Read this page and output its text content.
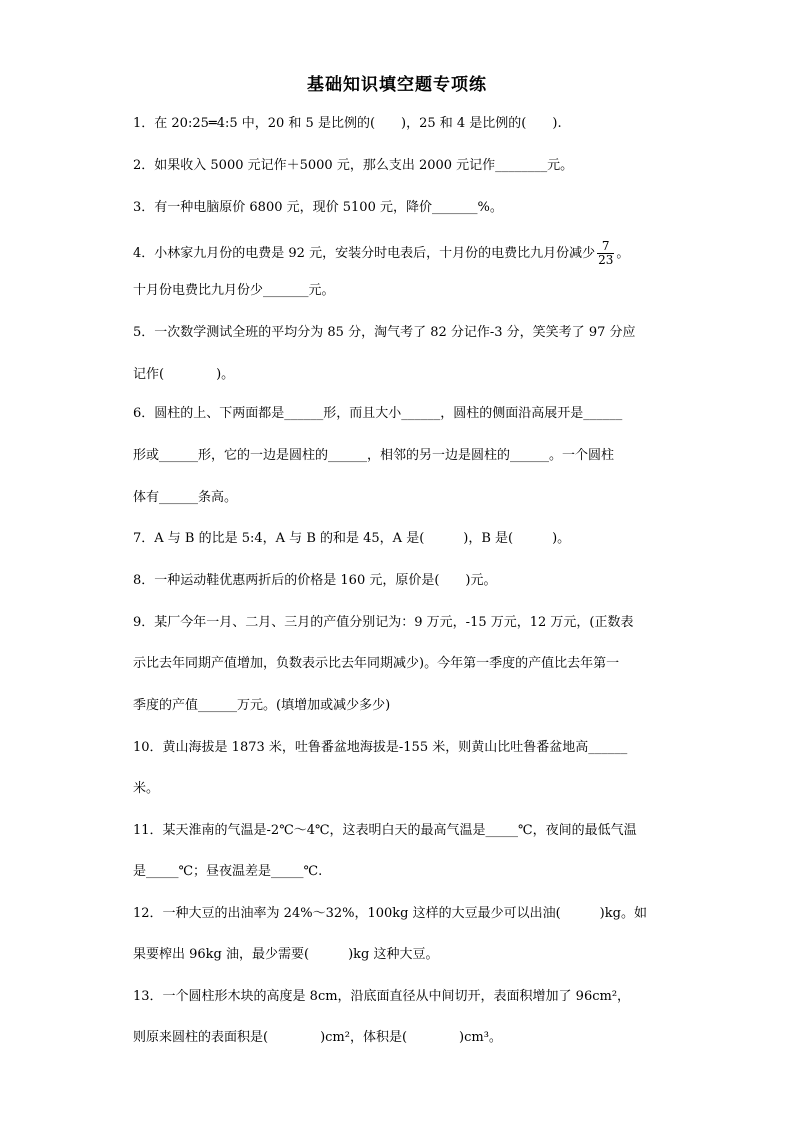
基础知识填空题专项练
1．在 20:25═4:5 中，20 和 5 是比例的(　　)，25 和 4 是比例的(　　).
2．如果收入 5000 元记作＋5000 元，那么支出 2000 元记作________元。
3．有一种电脑原价 6800 元，现价 5100 元，降价_______%。
4．小林家九月份的电费是 92 元，安装分时电表后，十月份的电费比九月份减少 $\frac{7}{23}$ 。
十月份电费比九月份少_______元。
5．一次数学测试全班的平均分为 85 分，淘气考了 82 分记作-3 分，笑笑考了 97 分应
记作(　　　　)。
6．圆柱的上、下两面都是______形，而且大小______，圆柱的侧面沿高展开是______
形或______形，它的一边是圆柱的______，相邻的另一边是圆柱的______。一个圆柱
体有______条高。
7．A 与 B 的比是 5:4，A 与 B 的和是 45，A 是(　　　)，B 是(　　　)。
8．一种运动鞋优惠两折后的价格是 160 元，原价是(　　)元。
9．某厂今年一月、二月、三月的产值分别记为：9 万元，-15 万元，12 万元，(正数表
示比去年同期产值增加，负数表示比去年同期减少)。今年第一季度的产值比去年第一
季度的产值______万元。(填增加或减少多少)
10．黄山海拔是 1873 米，吐鲁番盆地海拔是-155 米，则黄山比吐鲁番盆地高______
米。
11．某天淮南的气温是-2℃～4℃，这表明白天的最高气温是_____℃，夜间的最低气温
是_____℃；昼夜温差是_____℃.
12．一种大豆的出油率为 24%～32%，100kg 这样的大豆最少可以出油(　　　)kg。如
果要榨出 96kg 油，最少需要(　　　)kg 这种大豆。
13．一个圆柱形木块的高度是 8cm，沿底面直径从中间切开，表面积增加了 96cm²，
则原来圆柱的表面积是(　　　　)cm²，体积是(　　　　)cm³。
